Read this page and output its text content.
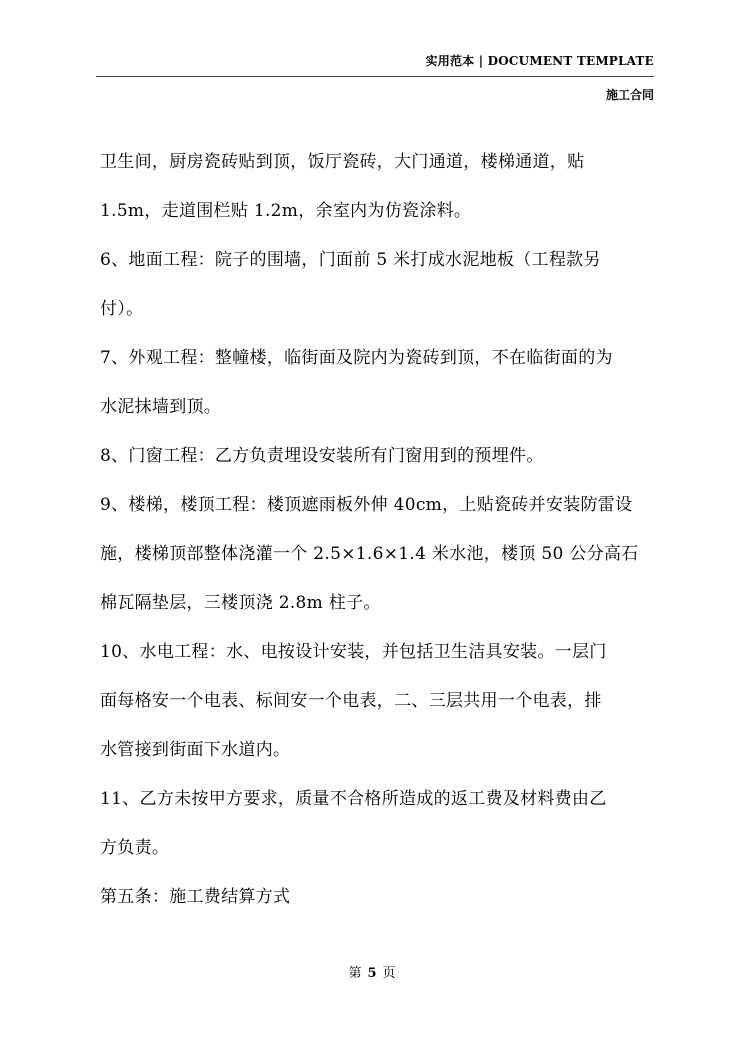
实用范本 | DOCUMENT TEMPLATE
施工合同

卫生间，厨房瓷砖贴到顶，饭厅瓷砖，大门通道，楼梯通道，贴

1.5m，走道围栏贴 1.2m，余室内为仿瓷涂料。

6、地面工程：院子的围墙，门面前 5 米打成水泥地板（工程款另

付）。

7、外观工程：整幢楼，临街面及院内为瓷砖到顶，不在临街面的为

水泥抹墙到顶。

8、门窗工程：乙方负责埋设安装所有门窗用到的预埋件。

9、楼梯，楼顶工程：楼顶遮雨板外伸 40cm，上贴瓷砖并安装防雷设

施，楼梯顶部整体浇灌一个 2.5×1.6×1.4 米水池，楼顶 50 公分高石

棉瓦隔垫层，三楼顶浇 2.8m 柱子。

10、水电工程：水、电按设计安装，并包括卫生洁具安装。一层门

面每格安一个电表、标间安一个电表，二、三层共用一个电表，排

水管接到街面下水道内。

11、乙方未按甲方要求，质量不合格所造成的返工费及材料费由乙

方负责。

第五条：施工费结算方式

第 5 页
